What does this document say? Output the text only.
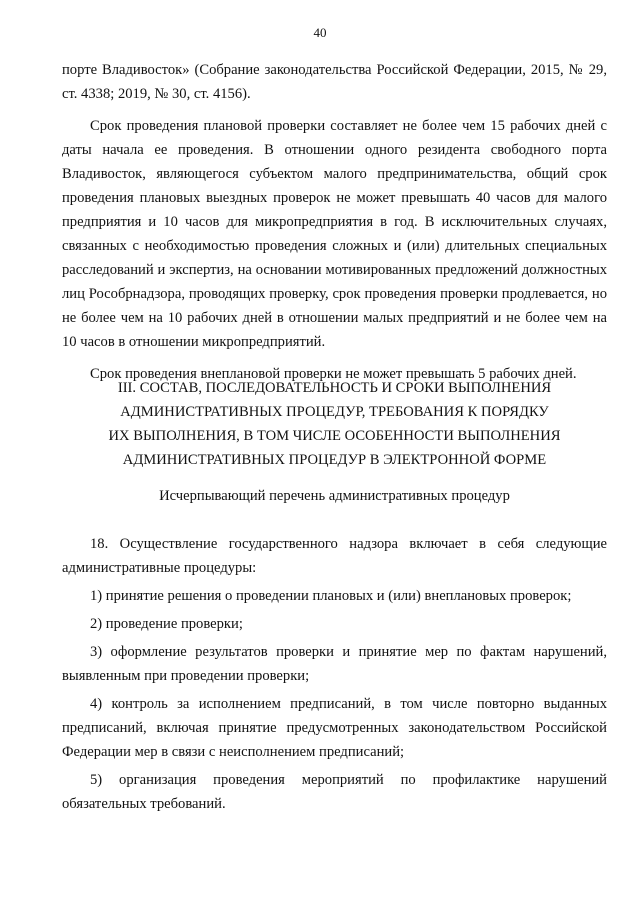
40

порте Владивосток» (Собрание законодательства Российской Федерации, 2015, № 29, ст. 4338; 2019, № 30, ст. 4156).

Срок проведения плановой проверки составляет не более чем 15 рабочих дней с даты начала ее проведения. В отношении одного резидента свободного порта Владивосток, являющегося субъектом малого предпринимательства, общий срок проведения плановых выездных проверок не может превышать 40 часов для малого предприятия и 10 часов для микропредприятия в год. В исключительных случаях, связанных с необходимостью проведения сложных и (или) длительных специальных расследований и экспертиз, на основании мотивированных предложений должностных лиц Рособрнадзора, проводящих проверку, срок проведения проверки продлевается, но не более чем на 10 рабочих дней в отношении малых предприятий и не более чем на 10 часов в отношении микропредприятий.

Срок проведения внеплановой проверки не может превышать 5 рабочих дней.

III. СОСТАВ, ПОСЛЕДОВАТЕЛЬНОСТЬ И СРОКИ ВЫПОЛНЕНИЯ

АДМИНИСТРАТИВНЫХ ПРОЦЕДУР, ТРЕБОВАНИЯ К ПОРЯДКУ

ИХ ВЫПОЛНЕНИЯ, В ТОМ ЧИСЛЕ ОСОБЕННОСТИ ВЫПОЛНЕНИЯ

АДМИНИСТРАТИВНЫХ ПРОЦЕДУР В ЭЛЕКТРОННОЙ ФОРМЕ

Исчерпывающий перечень административных процедур

18. Осуществление государственного надзора включает в себя следующие административные процедуры:

1) принятие решения о проведении плановых и (или) внеплановых проверок;

2) проведение проверки;

3) оформление результатов проверки и принятие мер по фактам нарушений, выявленным при проведении проверки;

4) контроль за исполнением предписаний, в том числе повторно выданных предписаний, включая принятие предусмотренных законодательством Российской Федерации мер в связи с неисполнением предписаний;

5) организация проведения мероприятий по профилактике нарушений обязательных требований.
